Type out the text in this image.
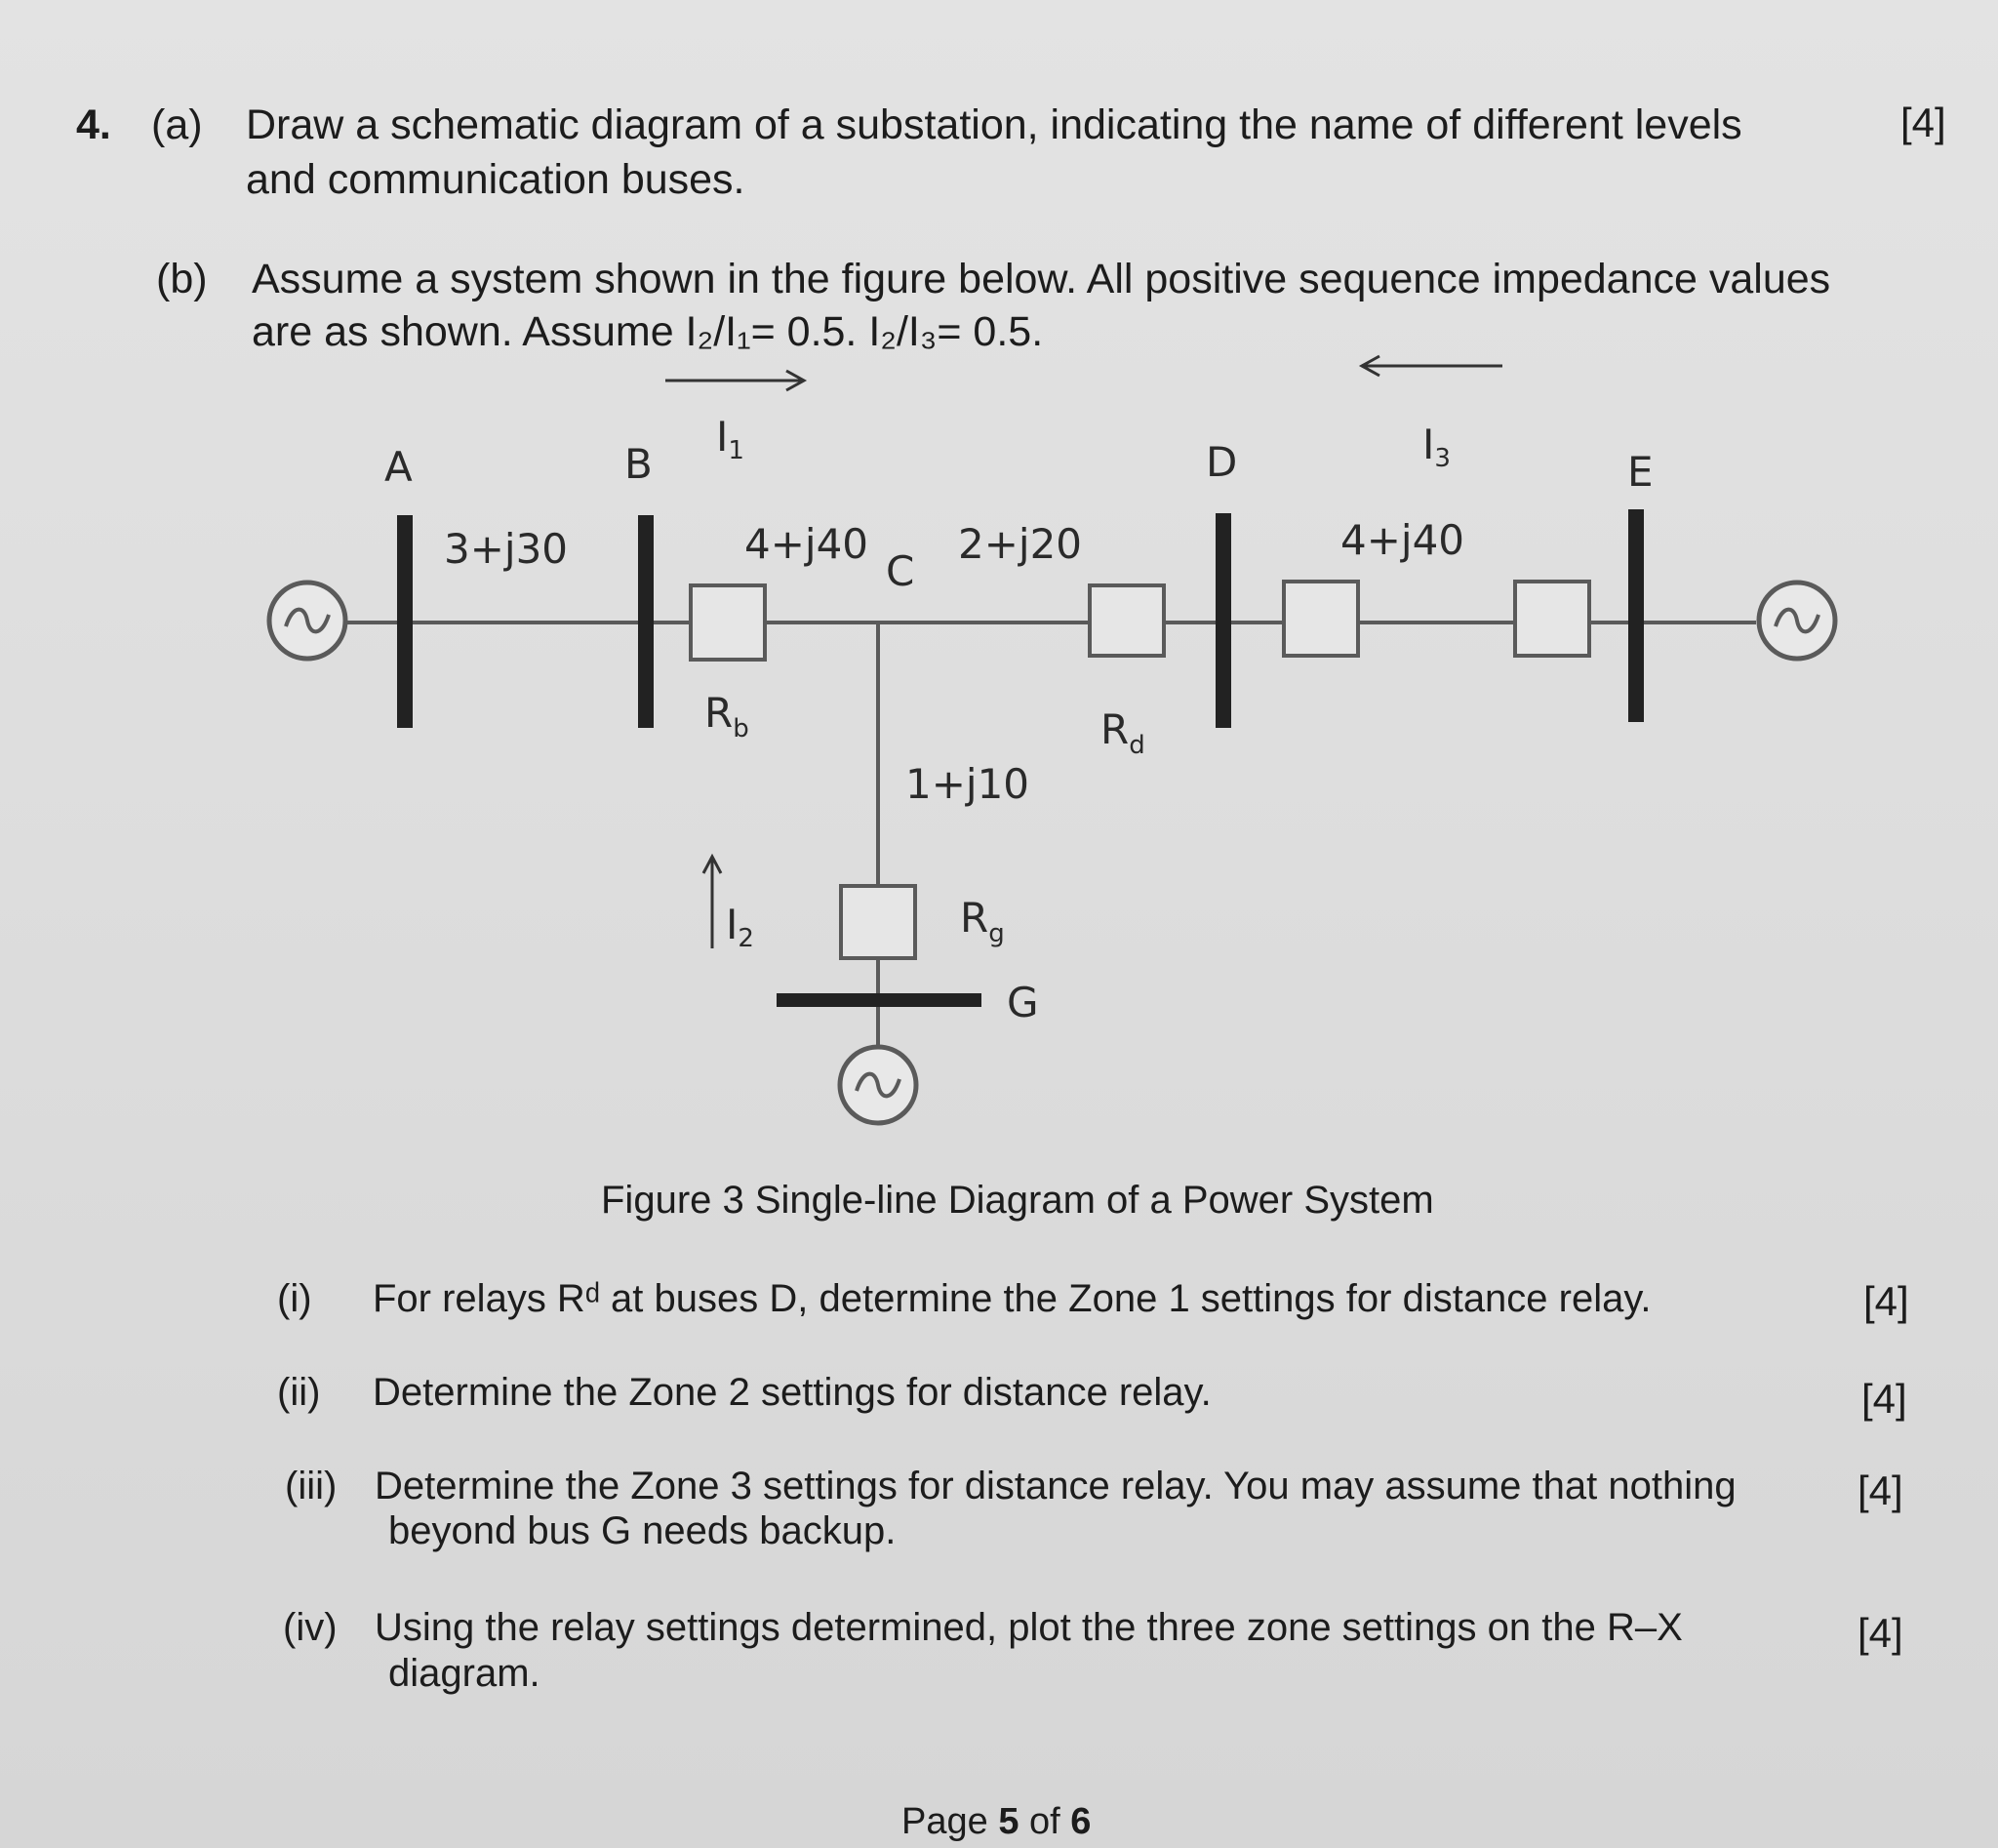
4. (a) Draw a schematic diagram of a substation, indicating the name of different levels
and communication buses.
[4]
(b) Assume a system shown in the figure below. All positive sequence impedance values
are as shown. Assume I₂/I₁= 0.5. I₂/I₃= 0.5.
A	B
C
D	E
G
3+j30	4+j40 2+j20	4+j40
1+j10
Rb	Rd
Rg
I1	I3
I2
Figure 3 Single-line Diagram of a Power System
(i) For relays Rᵈ at buses D, determine the Zone 1 settings for distance relay.	[4]
(ii) Determine the Zone 2 settings for distance relay.	[4]
(iii) Determine the Zone 3 settings for distance relay. You may assume that nothing
beyond bus G needs backup.
[4]
(iv) Using the relay settings determined, plot the three zone settings on the R–X
diagram.
[4]
Page 5 of 6
